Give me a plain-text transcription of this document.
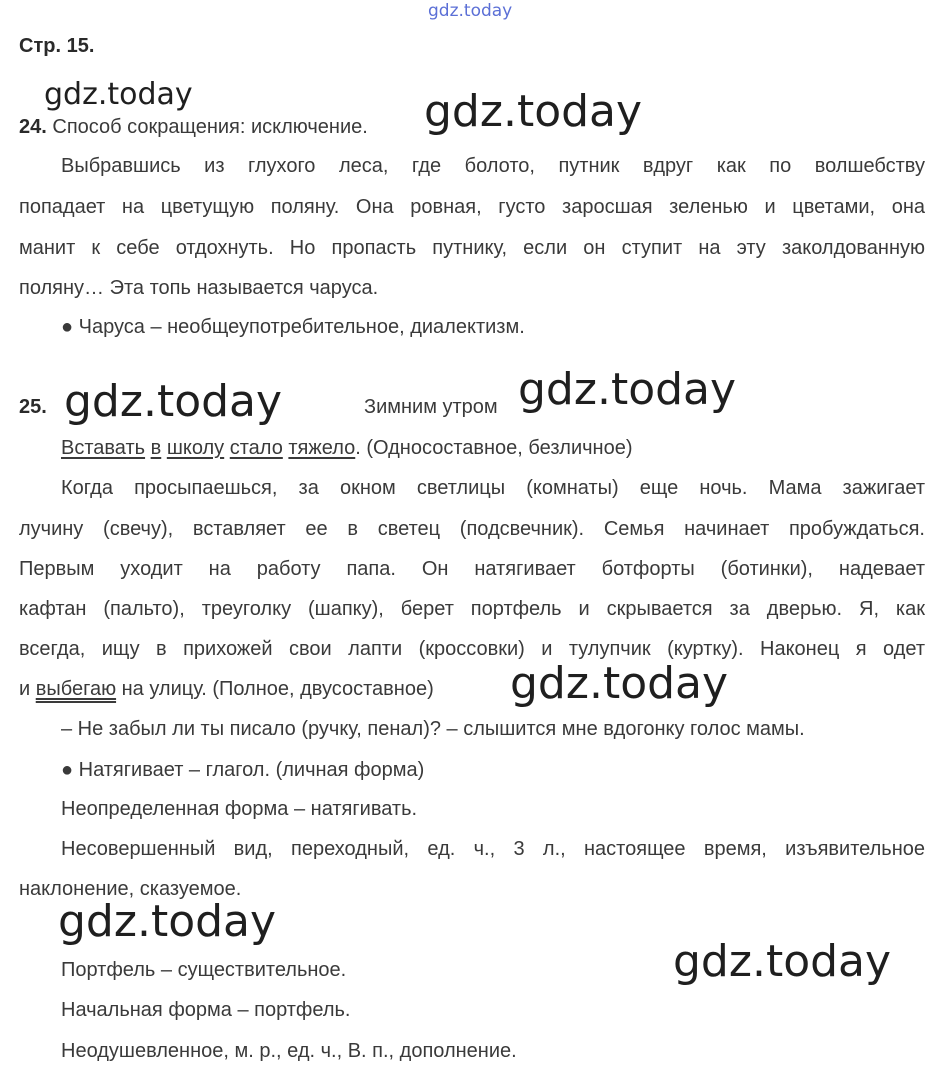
gdz.today
gdz.today	gdz.today
gdz.today	gdz.today
gdz.today
gdz.today
gdz.today
Стр. 15.
24. Способ сокращения: исключение.
Выбравшись из глухого леса, где болото, путник вдруг как по волшебству
попадает на цветущую поляну. Она ровная, густо заросшая зеленью и цветами, она
манит к себе отдохнуть. Но пропасть путнику, если он ступит на эту заколдованную
поляну… Эта топь называется чаруса.
● Чаруса – необщеупотребительное, диалектизм.
25.	Зимним утром
Вставать в школу стало тяжело. (Односоставное, безличное)
Когда просыпаешься, за окном светлицы (комнаты) еще ночь. Мама зажигает
лучину (свечу), вставляет ее в светец (подсвечник). Семья начинает пробуждаться.
Первым уходит на работу папа. Он натягивает ботфорты (ботинки), надевает
кафтан (пальто), треуголку (шапку), берет портфель и скрывается за дверью. Я, как
всегда, ищу в прихожей свои лапти (кроссовки) и тулупчик (куртку). Наконец я одет
и выбегаю на улицу. (Полное, двусоставное)
– Не забыл ли ты писало (ручку, пенал)? – слышится мне вдогонку голос мамы.
● Натягивает – глагол. (личная форма)
Неопределенная форма – натягивать.
Несовершенный вид, переходный, ед. ч., 3 л., настоящее время, изъявительное
наклонение, сказуемое.
Портфель – существительное.
Начальная форма – портфель.
Неодушевленное, м. р., ед. ч., В. п., дополнение.
